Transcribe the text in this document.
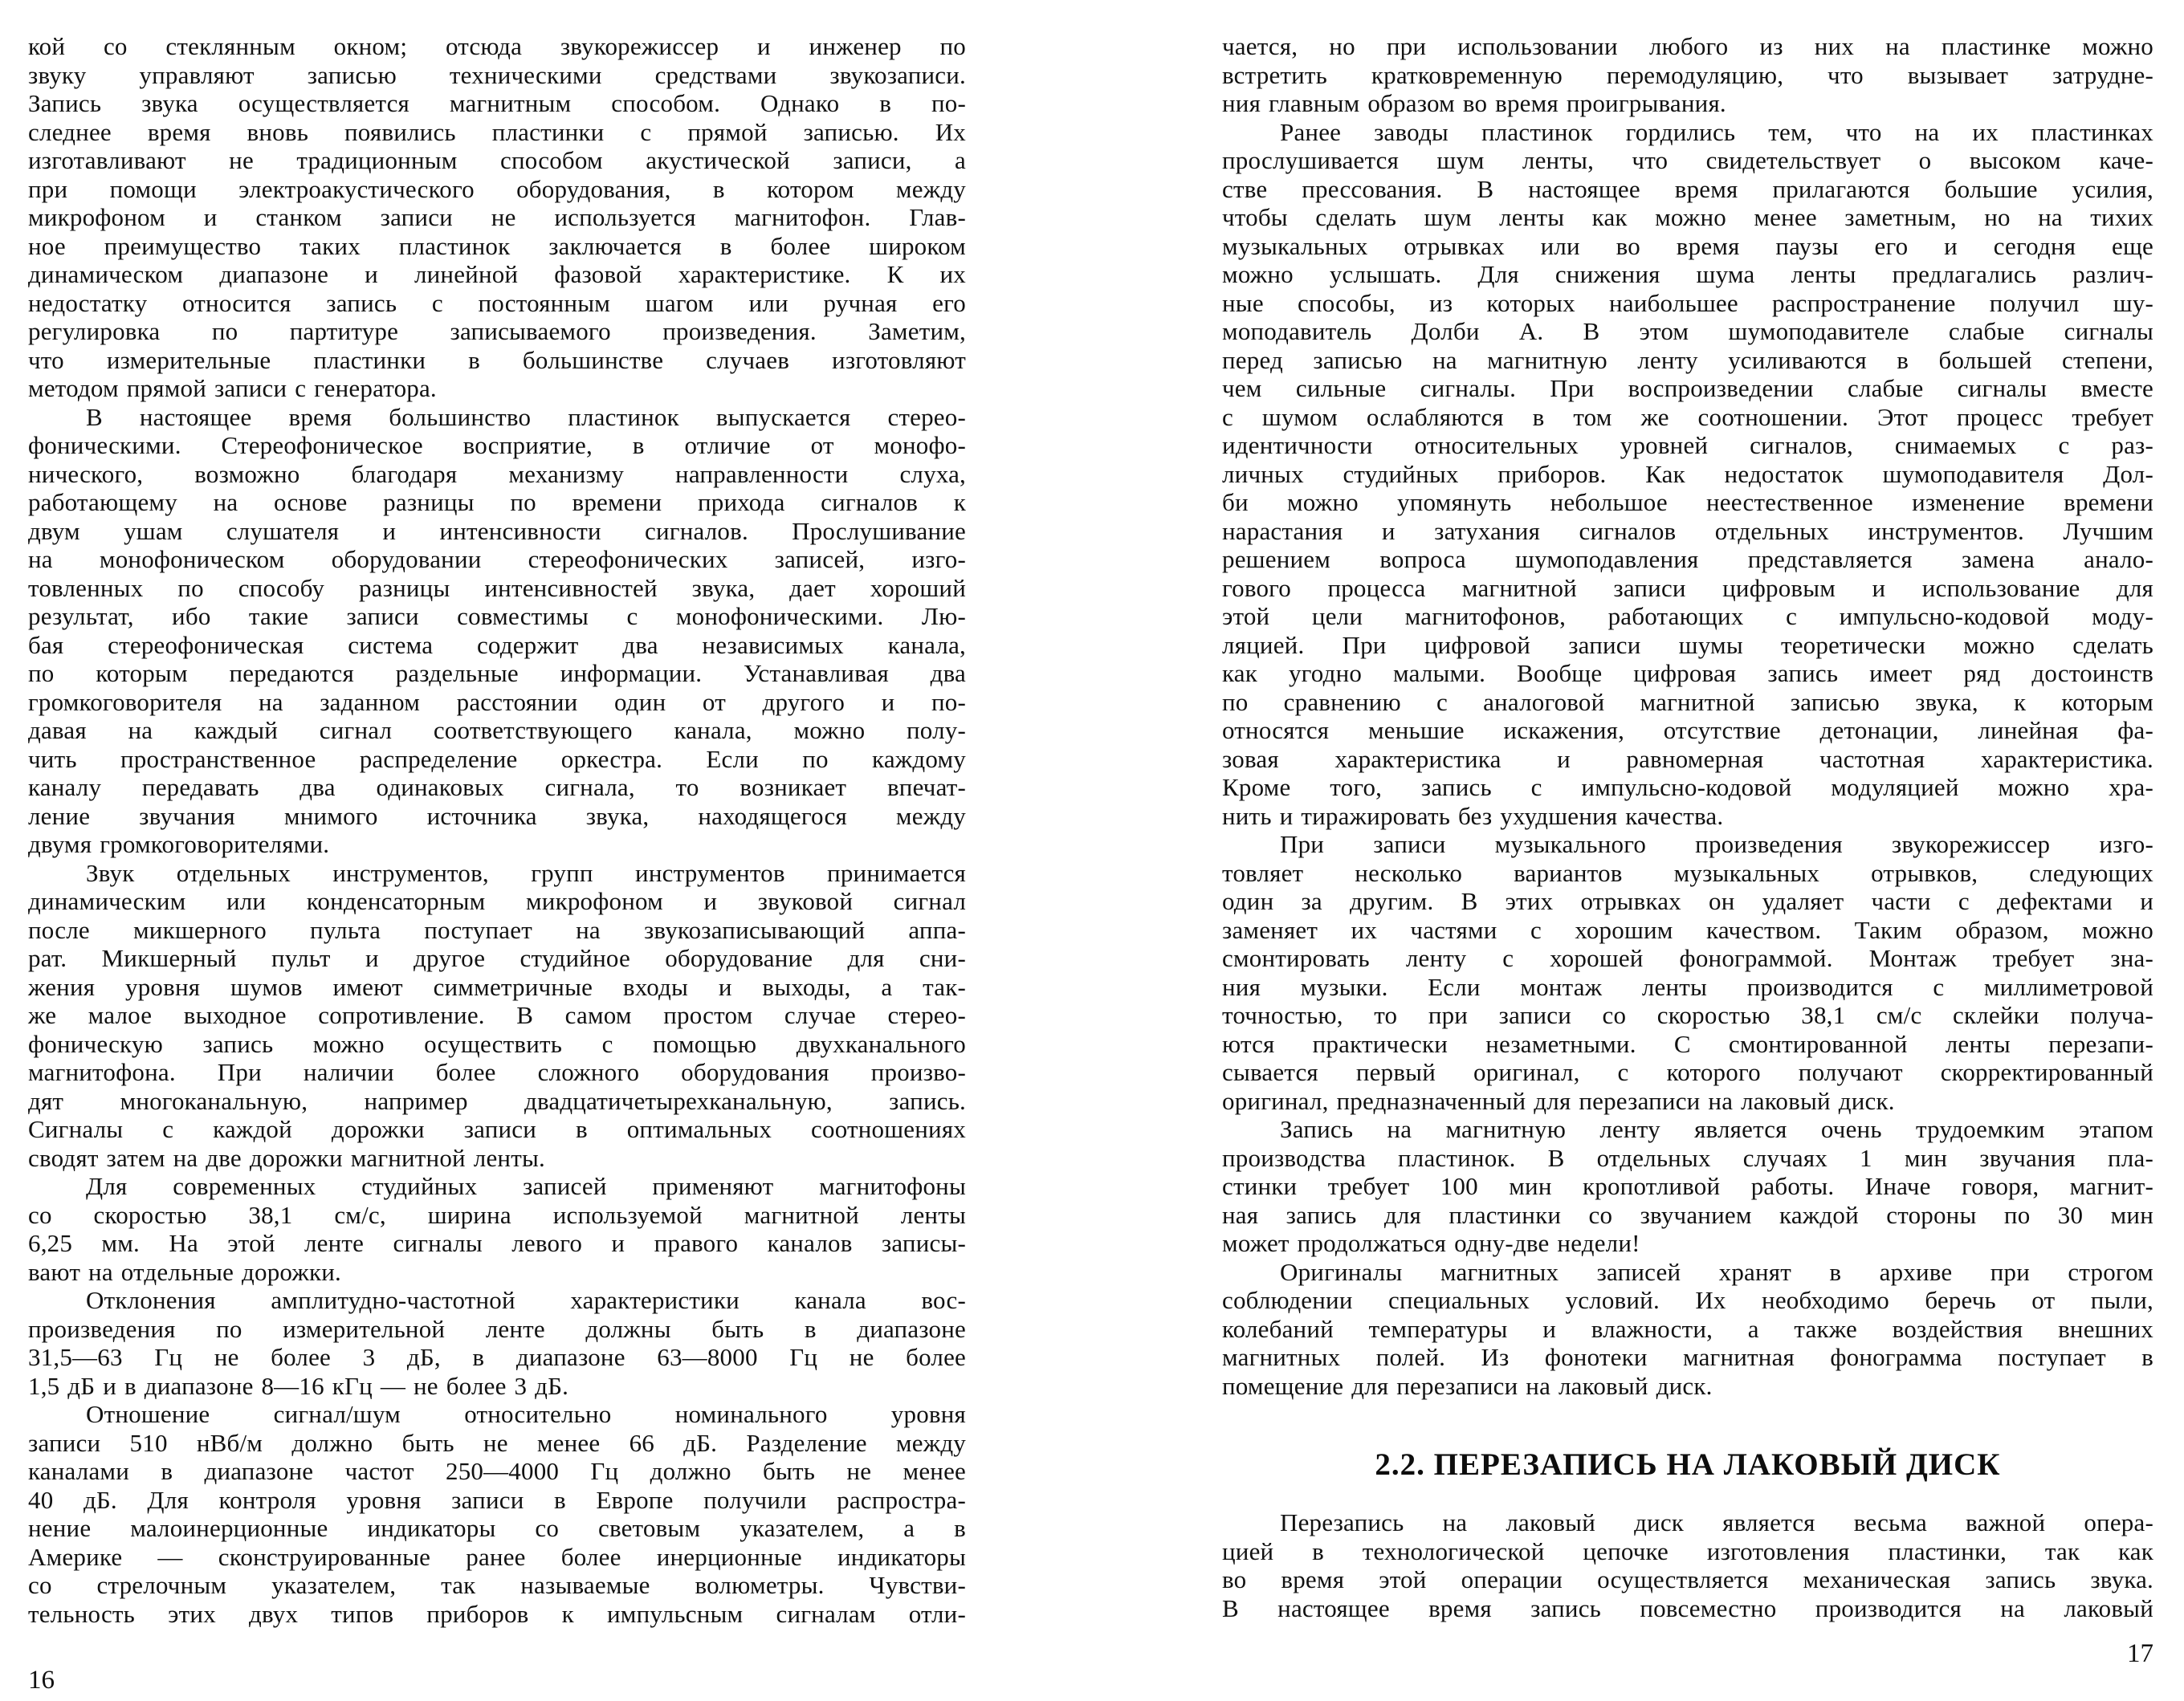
кой со стеклянным окном; отсюда звукорежиссер и инженер по
звуку управляют записью техническими средствами звукозаписи.
Запись звука осуществляется магнитным способом. Однако в по-
следнее время вновь появились пластинки с прямой записью. Их
изготавливают не традиционным способом акустической записи, а
при помощи электроакустического оборудования, в котором между
микрофоном и станком записи не используется магнитофон. Глав-
ное преимущество таких пластинок заключается в более широком
динамическом диапазоне и линейной фазовой характеристике. К их
недостатку относится запись с постоянным шагом или ручная его
регулировка по партитуре записываемого произведения. Заметим,
что измерительные пластинки в большинстве случаев изготовляют
методом прямой записи с генератора.
В настоящее время большинство пластинок выпускается стерео-
фоническими. Стереофоническое восприятие, в отличие от монофо-
нического, возможно благодаря механизму направленности слуха,
работающему на основе разницы по времени прихода сигналов к
двум ушам слушателя и интенсивности сигналов. Прослушивание
на монофоническом оборудовании стереофонических записей, изго-
товленных по способу разницы интенсивностей звука, дает хороший
результат, ибо такие записи совместимы с монофоническими. Лю-
бая стереофоническая система содержит два независимых канала,
по которым передаются раздельные информации. Устанавливая два
громкоговорителя на заданном расстоянии один от другого и по-
давая на каждый сигнал соответствующего канала, можно полу-
чить пространственное распределение оркестра. Если по каждому
каналу передавать два одинаковых сигнала, то возникает впечат-
ление звучания мнимого источника звука, находящегося между
двумя громкоговорителями.
Звук отдельных инструментов, групп инструментов принимается
динамическим или конденсаторным микрофоном и звуковой сигнал
после микшерного пульта поступает на звукозаписывающий аппа-
рат. Микшерный пульт и другое студийное оборудование для сни-
жения уровня шумов имеют симметричные входы и выходы, а так-
же малое выходное сопротивление. В самом простом случае стерео-
фоническую запись можно осуществить с помощью двухканального
магнитофона. При наличии более сложного оборудования произво-
дят многоканальную, например двадцатичетырехканальную, запись.
Сигналы с каждой дорожки записи в оптимальных соотношениях
сводят затем на две дорожки магнитной ленты.
Для современных студийных записей применяют магнитофоны
со скоростью 38,1 см/с, ширина используемой магнитной ленты
6,25 мм. На этой ленте сигналы левого и правого каналов записы-
вают на отдельные дорожки.
Отклонения амплитудно-частотной характеристики канала вос-
произведения по измерительной ленте должны быть в диапазоне
31,5—63 Гц не более 3 дБ, в диапазоне 63—8000 Гц не более
1,5 дБ и в диапазоне 8—16 кГц — не более 3 дБ.
Отношение сигнал/шум относительно номинального уровня
записи 510 нВб/м должно быть не менее 66 дБ. Разделение между
каналами в диапазоне частот 250—4000 Гц должно быть не менее
40 дБ. Для контроля уровня записи в Европе получили распростра-
нение малоинерционные индикаторы со световым указателем, а в
Америке — сконструированные ранее более инерционные индикаторы
со стрелочным указателем, так называемые волюметры. Чувстви-
тельность этих двух типов приборов к импульсным сигналам отли-
16
чается, но при использовании любого из них на пластинке можно
встретить кратковременную перемодуляцию, что вызывает затрудне-
ния главным образом во время проигрывания.
Ранее заводы пластинок гордились тем, что на их пластинках
прослушивается шум ленты, что свидетельствует о высоком каче-
стве прессования. В настоящее время прилагаются большие усилия,
чтобы сделать шум ленты как можно менее заметным, но на тихих
музыкальных отрывках или во время паузы его и сегодня еще
можно услышать. Для снижения шума ленты предлагались различ-
ные способы, из которых наибольшее распространение получил шу-
моподавитель Долби А. В этом шумоподавителе слабые сигналы
перед записью на магнитную ленту усиливаются в большей степени,
чем сильные сигналы. При воспроизведении слабые сигналы вместе
с шумом ослабляются в том же соотношении. Этот процесс требует
идентичности относительных уровней сигналов, снимаемых с раз-
личных студийных приборов. Как недостаток шумоподавителя Дол-
би можно упомянуть небольшое неестественное изменение времени
нарастания и затухания сигналов отдельных инструментов. Лучшим
решением вопроса шумоподавления представляется замена анало-
гового процесса магнитной записи цифровым и использование для
этой цели магнитофонов, работающих с импульсно-кодовой моду-
ляцией. При цифровой записи шумы теоретически можно сделать
как угодно малыми. Вообще цифровая запись имеет ряд достоинств
по сравнению с аналоговой магнитной записью звука, к которым
относятся меньшие искажения, отсутствие детонации, линейная фа-
зовая характеристика и равномерная частотная характеристика.
Кроме того, запись с импульсно-кодовой модуляцией можно хра-
нить и тиражировать без ухудшения качества.
При записи музыкального произведения звукорежиссер изго-
товляет несколько вариантов музыкальных отрывков, следующих
один за другим. В этих отрывках он удаляет части с дефектами и
заменяет их частями с хорошим качеством. Таким образом, можно
смонтировать ленту с хорошей фонограммой. Монтаж требует зна-
ния музыки. Если монтаж ленты производится с миллиметровой
точностью, то при записи со скоростью 38,1 см/с склейки получа-
ются практически незаметными. С смонтированной ленты перезапи-
сывается первый оригинал, с которого получают скорректированный
оригинал, предназначенный для перезаписи на лаковый диск.
Запись на магнитную ленту является очень трудоемким этапом
производства пластинок. В отдельных случаях 1 мин звучания пла-
стинки требует 100 мин кропотливой работы. Иначе говоря, магнит-
ная запись для пластинки со звучанием каждой стороны по 30 мин
может продолжаться одну-две недели!
Оригиналы магнитных записей хранят в архиве при строгом
соблюдении специальных условий. Их необходимо беречь от пыли,
колебаний температуры и влажности, а также воздействия внешних
магнитных полей. Из фонотеки магнитная фонограмма поступает в
помещение для перезаписи на лаковый диск.
2.2. ПЕРЕЗАПИСЬ НА ЛАКОВЫЙ ДИСК
Перезапись на лаковый диск является весьма важной опера-
цией в технологической цепочке изготовления пластинки, так как
во время этой операции осуществляется механическая запись звука.
В настоящее время запись повсеместно производится на лаковый
17
